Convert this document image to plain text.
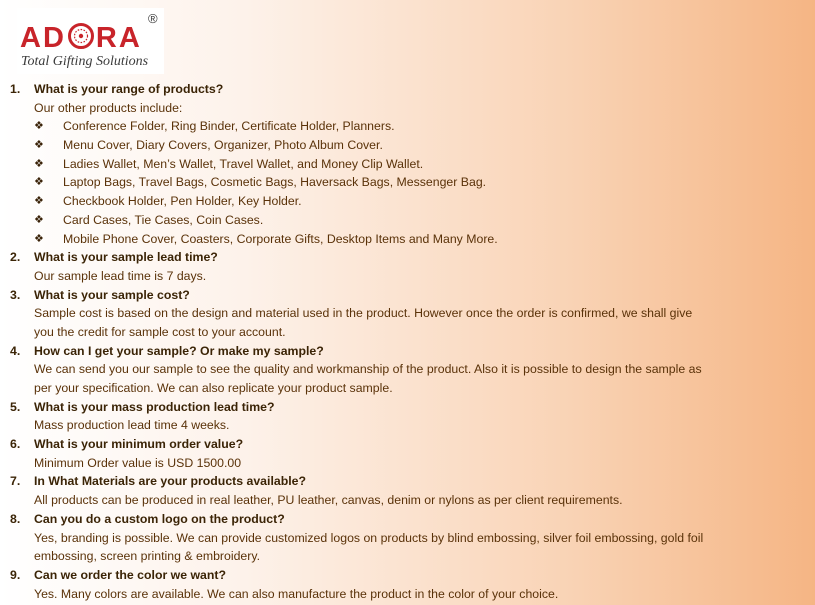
AD RA
®
Total Gifting Solutions
1. What is your range of products?
Our other products include:
❖ Conference Folder, Ring Binder, Certificate Holder, Planners.
❖ Menu Cover, Diary Covers, Organizer, Photo Album Cover.
❖ Ladies Wallet, Men’s Wallet, Travel Wallet, and Money Clip Wallet.
❖ Laptop Bags, Travel Bags, Cosmetic Bags, Haversack Bags, Messenger Bag.
❖ Checkbook Holder, Pen Holder, Key Holder.
❖ Card Cases, Tie Cases, Coin Cases.
❖ Mobile Phone Cover, Coasters, Corporate Gifts, Desktop Items and Many More.
2. What is your sample lead time?
Our sample lead time is 7 days.
3. What is your sample cost?
Sample cost is based on the design and material used in the product. However once the order is confirmed, we shall give
you the credit for sample cost to your account.
4. How can I get your sample? Or make my sample?
We can send you our sample to see the quality and workmanship of the product. Also it is possible to design the sample as
per your specification. We can also replicate your product sample.
5. What is your mass production lead time?
Mass production lead time 4 weeks.
6. What is your minimum order value?
Minimum Order value is USD 1500.00
7. In What Materials are your products available?
All products can be produced in real leather, PU leather, canvas, denim or nylons as per client requirements.
8. Can you do a custom logo on the product?
Yes, branding is possible. We can provide customized logos on products by blind embossing, silver foil embossing, gold foil
embossing, screen printing & embroidery.
9. Can we order the color we want?
Yes. Many colors are available. We can also manufacture the product in the color of your choice.
